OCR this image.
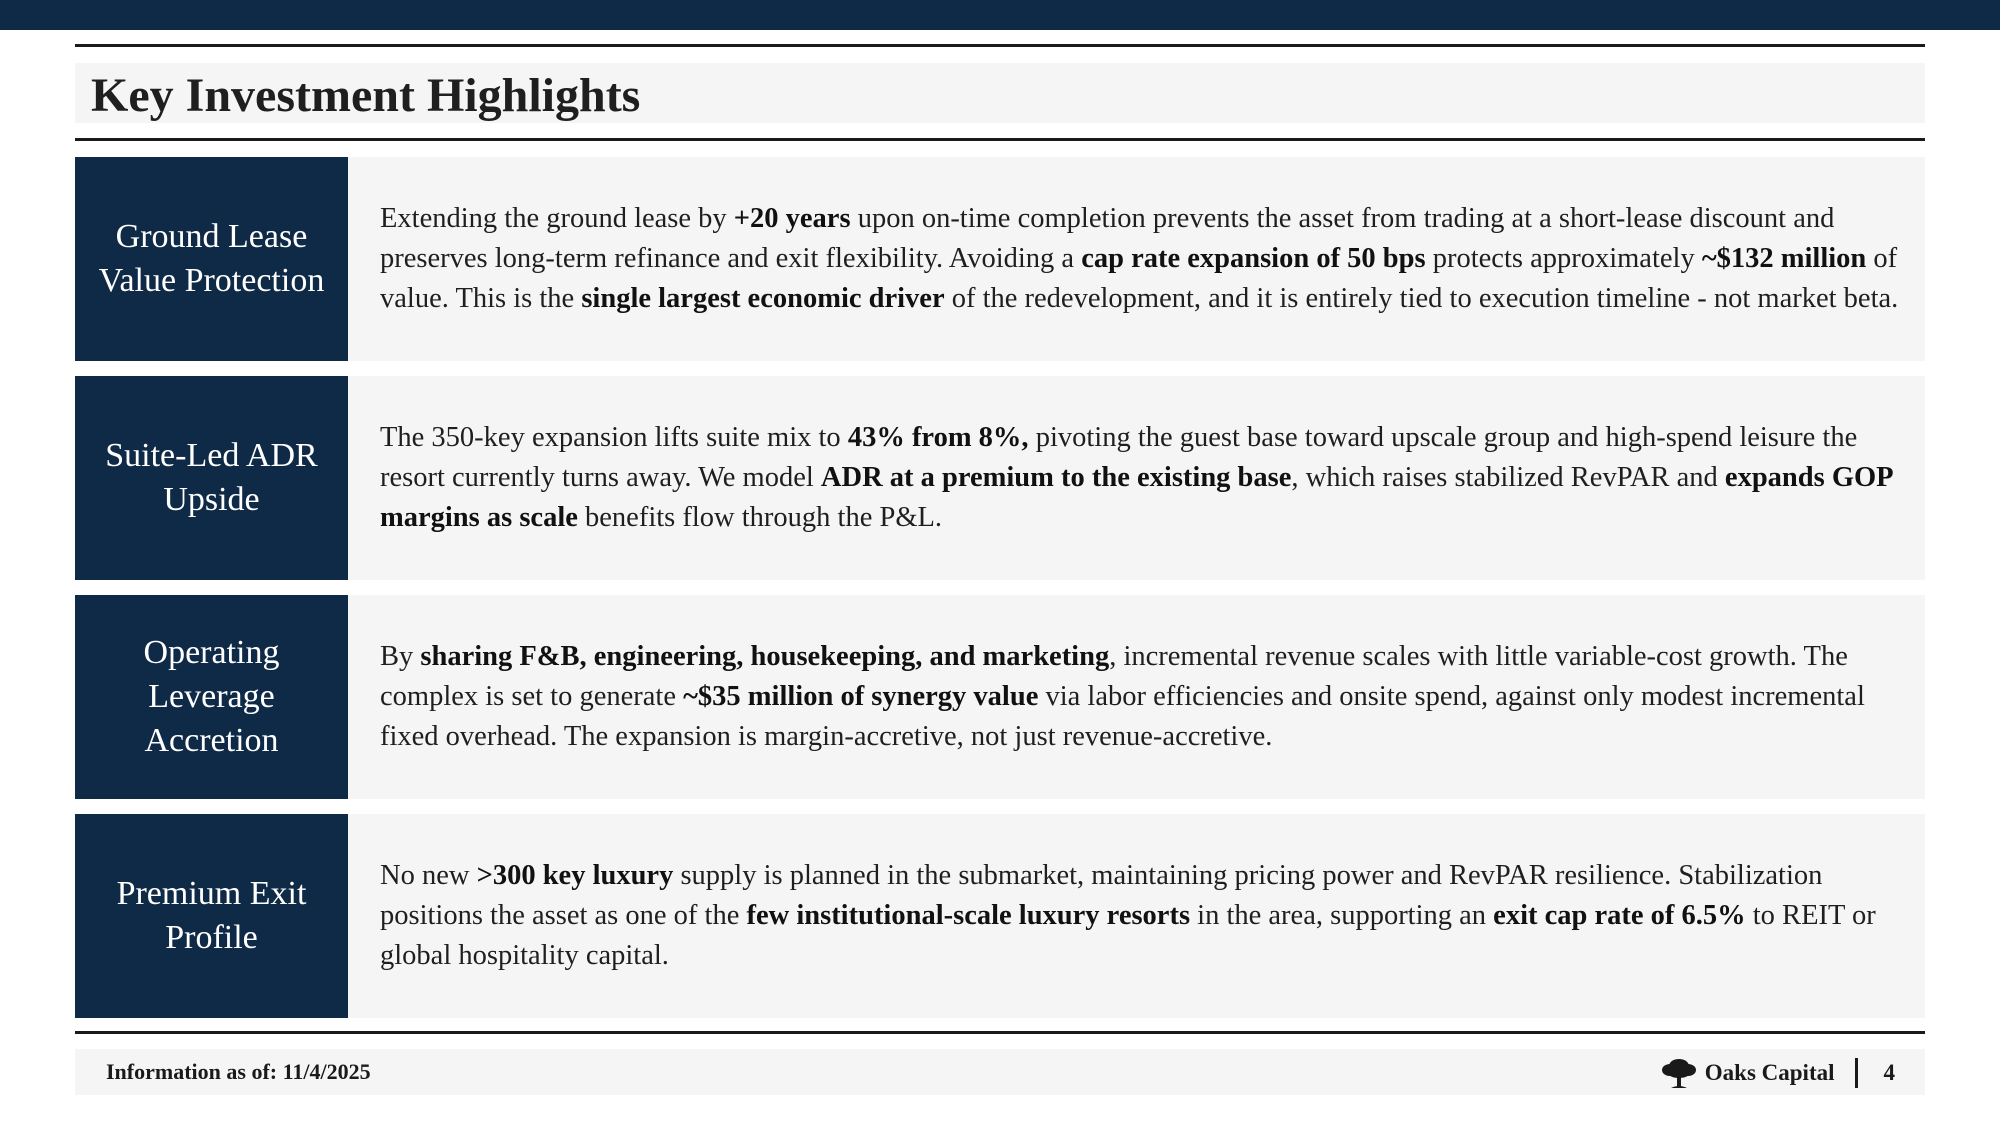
Key Investment Highlights
Ground Lease
Value Protection

Extending the ground lease by +20 years upon on-time completion prevents the asset from trading at a short-lease discount and preserves long-term refinance and exit flexibility. Avoiding a cap rate expansion of 50 bps protects approximately ~$132 million of value. This is the single largest economic driver of the redevelopment, and it is entirely tied to execution timeline - not market beta.

Suite-Led ADR
Upside

The 350-key expansion lifts suite mix to 43% from 8%, pivoting the guest base toward upscale group and high-spend leisure the resort currently turns away. We model ADR at a premium to the existing base, which raises stabilized RevPAR and expands GOP margins as scale benefits flow through the P&L.

Operating
Leverage
Accretion

By sharing F&B, engineering, housekeeping, and marketing, incremental revenue scales with little variable-cost growth. The complex is set to generate ~$35 million of synergy value via labor efficiencies and onsite spend, against only modest incremental fixed overhead. The expansion is margin-accretive, not just revenue-accretive.

Premium Exit
Profile

No new >300 key luxury supply is planned in the submarket, maintaining pricing power and RevPAR resilience. Stabilization positions the asset as one of the few institutional-scale luxury resorts in the area, supporting an exit cap rate of 6.5% to REIT or global hospitality capital.

Information as of: 11/4/2025	Oaks Capital 4
